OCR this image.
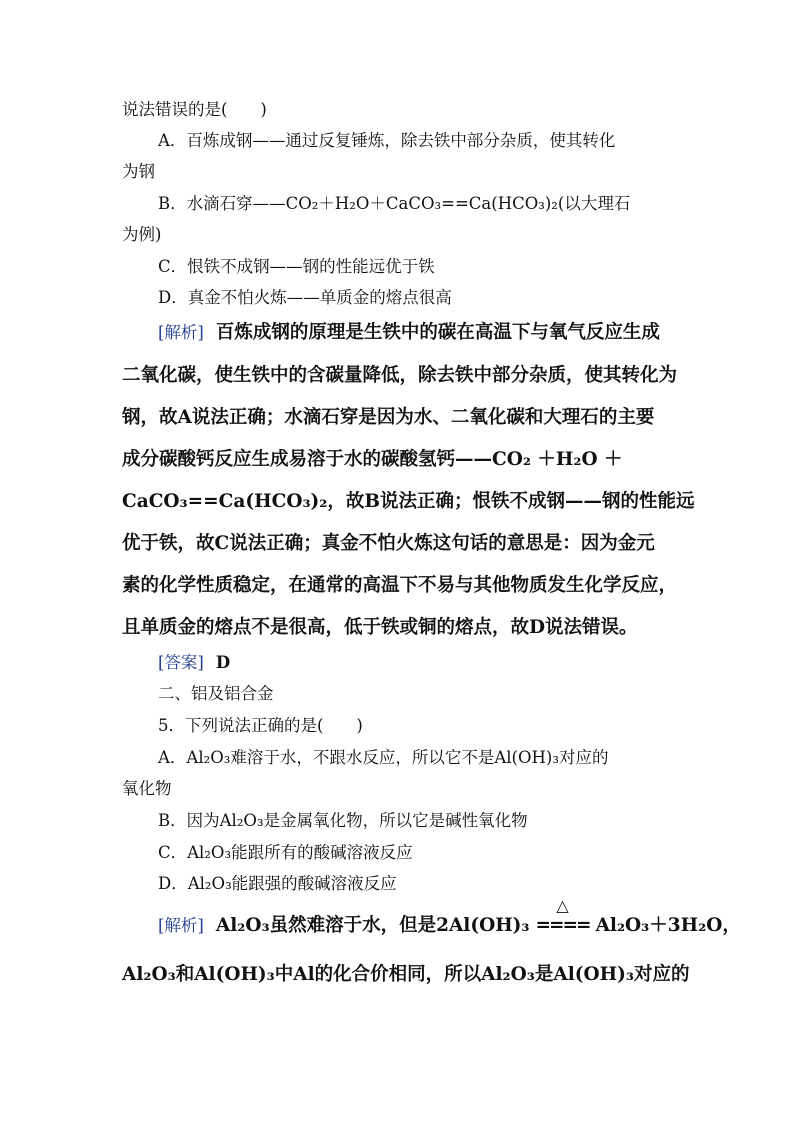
说法错误的是(　　)
A．百炼成钢——通过反复锤炼，除去铁中部分杂质，使其转化
为钢
B．水滴石穿——CO₂＋H₂O＋CaCO₃==Ca(HCO₃)₂(以大理石
为例)
C．恨铁不成钢——钢的性能远优于铁
D．真金不怕火炼——单质金的熔点很高
[解析] 百炼成钢的原理是生铁中的碳在高温下与氧气反应生成
二氧化碳，使生铁中的含碳量降低，除去铁中部分杂质，使其转化为
钢，故A说法正确；水滴石穿是因为水、二氧化碳和大理石的主要
成分碳酸钙反应生成易溶于水的碳酸氢钙——CO₂ ＋H₂O ＋
CaCO₃==Ca(HCO₃)₂，故B说法正确；恨铁不成钢——钢的性能远
优于铁，故C说法正确；真金不怕火炼这句话的意思是：因为金元
素的化学性质稳定，在通常的高温下不易与其他物质发生化学反应，
且单质金的熔点不是很高，低于铁或铜的熔点，故D说法错误。
[答案] D
二、铝及铝合金
5．下列说法正确的是(　　)
A．Al₂O₃难溶于水，不跟水反应，所以它不是Al(OH)₃对应的
氧化物
B．因为Al₂O₃是金属氧化物，所以它是碱性氧化物
C．Al₂O₃能跟所有的酸碱溶液反应
D．Al₂O₃能跟强的酸碱溶液反应
[解析] Al₂O₃虽然难溶于水，但是2Al(OH)₃
△
==== Al₂O₃＋3H₂O，
Al₂O₃和Al(OH)₃中Al的化合价相同，所以Al₂O₃是Al(OH)₃对应的
